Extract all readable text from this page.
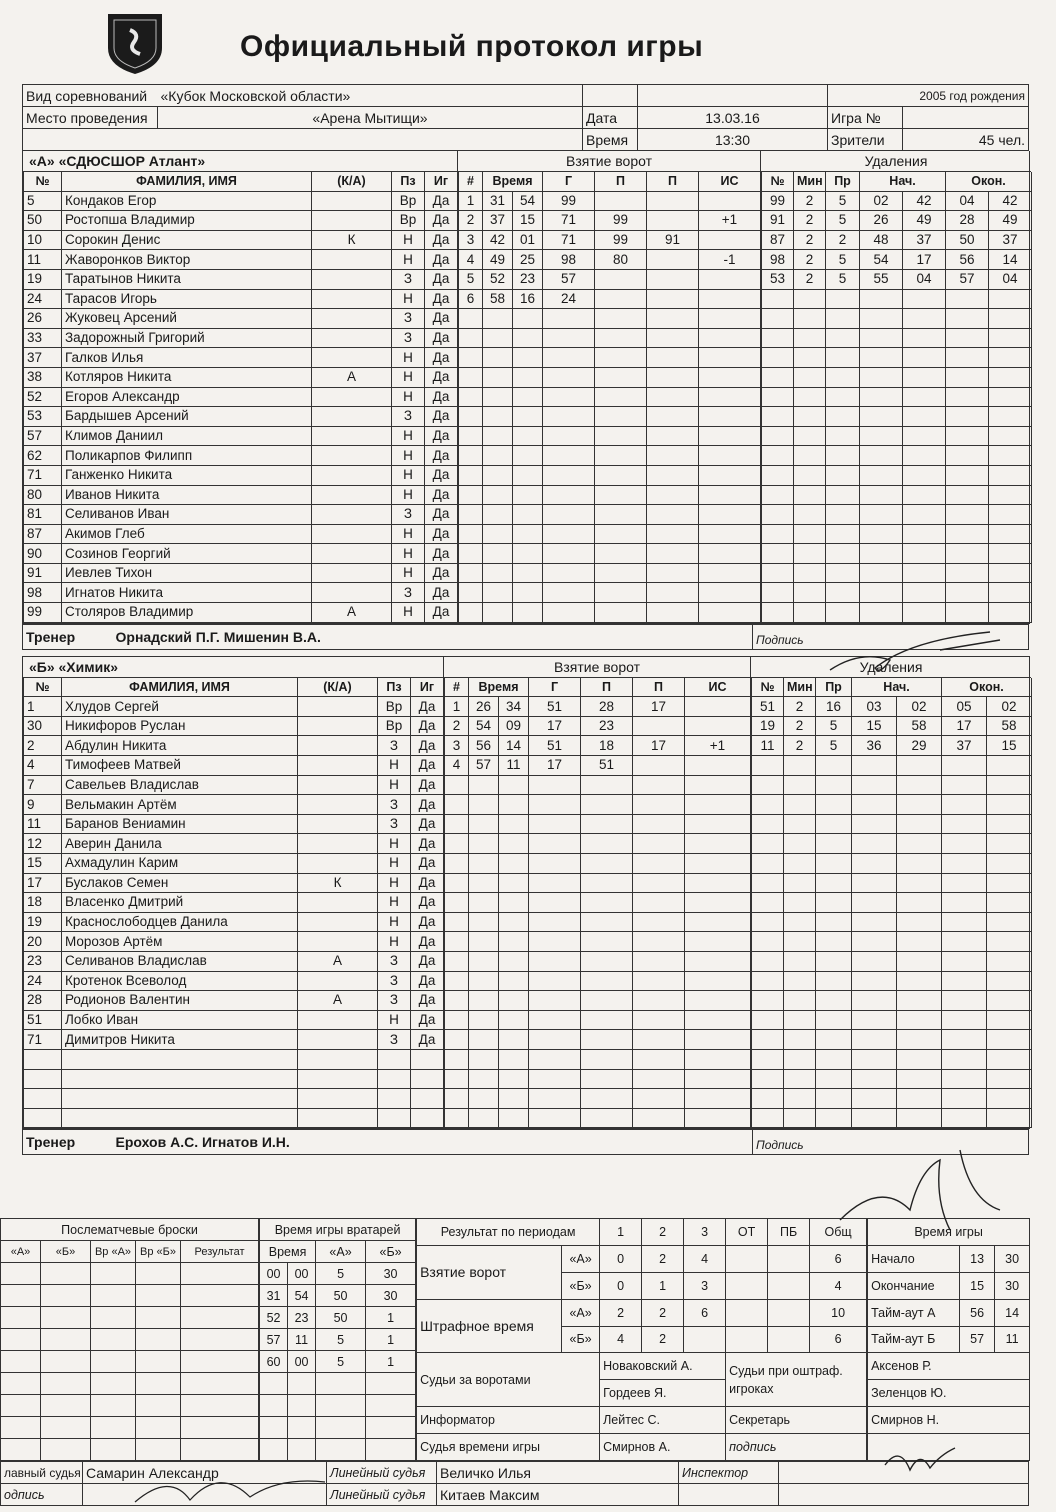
Официальный протокол игры
Вид соревнований	«Кубок Московской области»			2005 год рождения	
Место проведения	«Арена Мытищи»	Дата	13.03.16	Игра №	
		Время	13:30	Зрители	45 чел.
«А» «СДЮСШОР Атлант»
№	ФАМИЛИЯ, ИМЯ	(К/А)	Пз	Иг
5	Кондаков Егор		Вр	Да
50	Ростопша Владимир		Вр	Да
10	Сорокин Денис	К	Н	Да
11	Жаворонков Виктор		Н	Да
19	Таратынов Никита		З	Да
24	Тарасов Игорь		Н	Да
26	Жуковец Арсений		З	Да
33	Задорожный Григорий		З	Да
37	Галков Илья		Н	Да
38	Котляров Никита	А	Н	Да
52	Егоров Александр		Н	Да
53	Бардышев Арсений		З	Да
57	Климов Даниил		Н	Да
62	Поликарпов Филипп		Н	Да
71	Ганженко Никита		Н	Да
80	Иванов Никита		Н	Да
81	Селиванов Иван		З	Да
87	Акимов Глеб		Н	Да
90	Созинов Георгий		Н	Да
91	Иевлев Тихон		Н	Да
98	Игнатов Никита		З	Да
99	Столяров Владимир	А	Н	Да
Взятие ворот
#	Время		Г	П	П	ИС
1	31	54	99			
2	37	15	71	99		+1
3	42	01	71	99	91	
4	49	25	98	80		-1
5	52	23	57			
6	58	16	24			

Удаления
№	Мин	Пр	Нач.		Окон.	
99	2	5	02	42	04	42
91	2	5	26	49	28	49
87	2	2	48	37	50	37
98	2	5	54	17	56	14
53	2	5	55	04	57	04

Тренер	Орнадский П.Г. Мишенин В.А.	Подпись
«Б» «Химик»
№	ФАМИЛИЯ, ИМЯ	(К/А)	Пз	Иг
1	Хлудов Сергей		Вр	Да
30	Никифоров Руслан		Вр	Да
2	Абдулин Никита		З	Да
4	Тимофеев Матвей		Н	Да
7	Савельев Владислав		Н	Да
9	Вельмакин Артём		З	Да
11	Баранов Вениамин		З	Да
12	Аверин Данила		Н	Да
15	Ахмадулин Карим		Н	Да
17	Буслаков Семен	К	Н	Да
18	Власенко Дмитрий		Н	Да
19	Краснослободцев Данила		Н	Да
20	Морозов Артём		Н	Да
23	Селиванов Владислав	А	З	Да
24	Кротенок Всеволод		З	Да
28	Родионов Валентин	А	З	Да
51	Лобко Иван		Н	Да
71	Димитров Никита		З	Да

Взятие ворот
#	Время		Г	П	П	ИС
1	26	34	51	28	17	
2	54	09	17	23		
3	56	14	51	18	17	+1
4	57	11	17	51		

Удаления
№	Мин	Пр	Нач.		Окон.	
51	2	16	03	02	05	02
19	2	5	15	58	17	58
11	2	5	36	29	37	15

Тренер	Ерохов А.С. Игнатов И.Н.	Подпись
Послематчевые броски				
«А»	«Б»	Вр «А»	Вр «Б»	Результат

Время игры вратарей			
Время		«А»	«Б»
00	00	5	30
31	54	50	30
52	23	50	1
57	11	5	1
60	00	5	1

Результат по периодам		1	2	3	ОТ	ПБ	Общ
Взятие ворот	«А»	0	2	4			6
	«Б»	0	1	3			4
Штрафное время	«А»	2	2	6			10
	«Б»	4	2				6
Судьи за воротами		Новаковский А.			Судьи при оштраф. игроках		
		Гордеев Я.					
Информатор		Лейтес С.			Секретарь		
Судья времени игры		Смирнов А.			подпись		
Время игры		
Начало	13	30
Окончание	15	30
Тайм-аут А	56	14
Тайм-аут Б	57	11
Аксенов Р.		
Зеленцов Ю.		
Смирнов Н.		

лавный судья	Самарин Александр	Линейный судья	Величко Илья	Инспектор	
одпись		Линейный судья	Китаев Максим		
